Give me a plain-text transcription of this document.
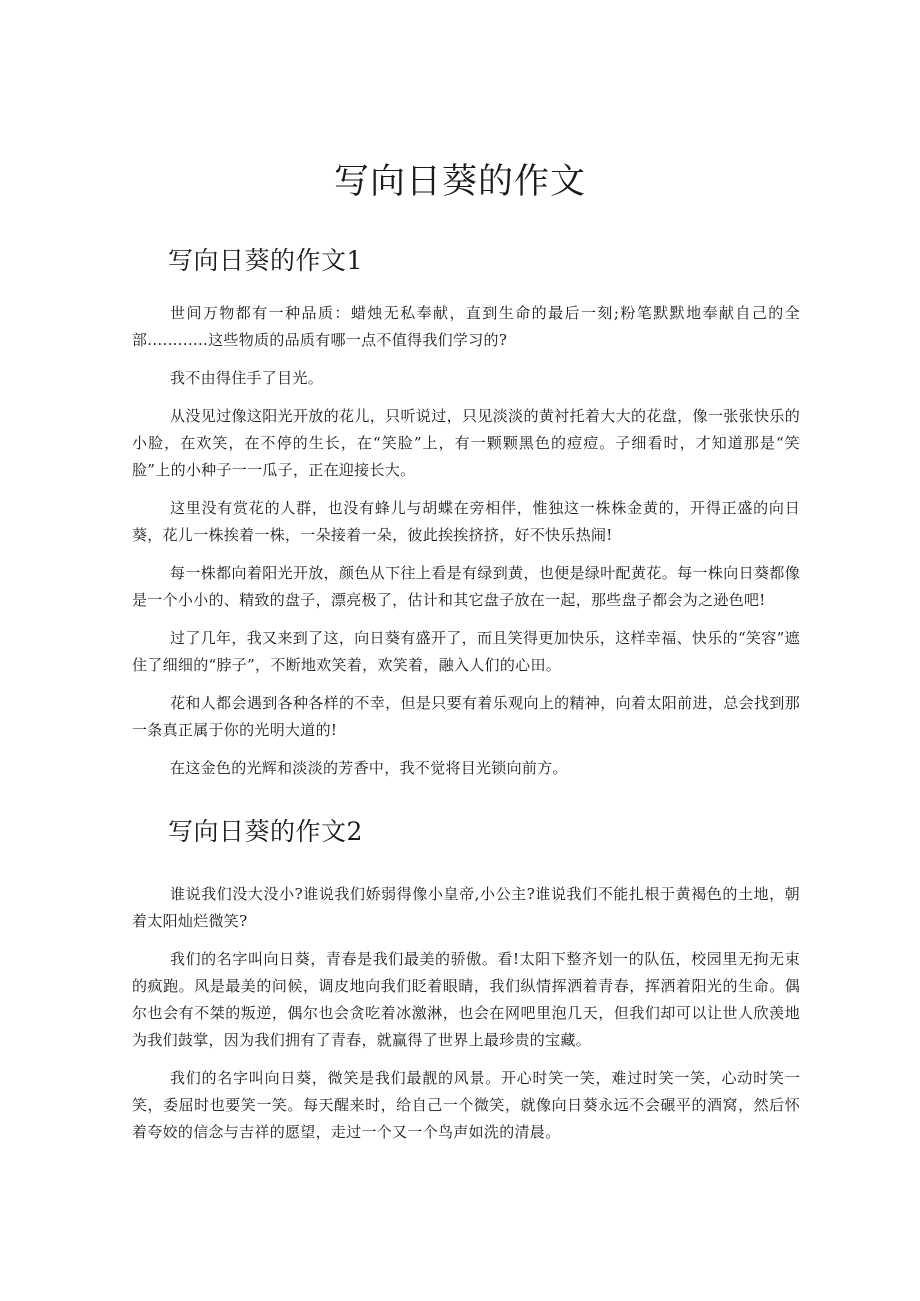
写向日葵的作文
写向日葵的作文1

世间万物都有一种品质：蜡烛无私奉献，直到生命的最后一刻;粉笔默默地奉献自己的全部............这些物质的品质有哪一点不值得我们学习的?

我不由得住手了目光。

从没见过像这阳光开放的花儿，只听说过，只见淡淡的黄衬托着大大的花盘，像一张张快乐的小脸，在欢笑，在不停的生长，在“笑脸”上，有一颗颗黑色的痘痘。子细看时，才知道那是“笑脸”上的小种子一一瓜子，正在迎接长大。

这里没有赏花的人群，也没有蜂儿与胡蝶在旁相伴，惟独这一株株金黄的，开得正盛的向日葵，花儿一株挨着一株，一朵接着一朵，彼此挨挨挤挤，好不快乐热闹!

每一株都向着阳光开放，颜色从下往上看是有绿到黄，也便是绿叶配黄花。每一株向日葵都像是一个小小的、精致的盘子，漂亮极了，估计和其它盘子放在一起，那些盘子都会为之逊色吧!

过了几年，我又来到了这，向日葵有盛开了，而且笑得更加快乐，这样幸福、快乐的“笑容”遮住了细细的“脖子”，不断地欢笑着，欢笑着，融入人们的心田。

花和人都会遇到各种各样的不幸，但是只要有着乐观向上的精神，向着太阳前进，总会找到那一条真正属于你的光明大道的!

在这金色的光辉和淡淡的芳香中，我不觉将目光锁向前方。

写向日葵的作文2

谁说我们没大没小?谁说我们娇弱得像小皇帝,小公主?谁说我们不能扎根于黄褐色的土地，朝着太阳灿烂微笑?

我们的名字叫向日葵，青春是我们最美的骄傲。看!太阳下整齐划一的队伍，校园里无拘无束的疯跑。风是最美的问候，调皮地向我们眨着眼睛，我们纵情挥洒着青春，挥洒着阳光的生命。偶尔也会有不桀的叛逆，偶尔也会贪吃着冰激淋，也会在网吧里泡几天，但我们却可以让世人欣羡地为我们鼓掌，因为我们拥有了青春，就赢得了世界上最珍贵的宝藏。

我们的名字叫向日葵，微笑是我们最靓的风景。开心时笑一笑，难过时笑一笑，心动时笑一笑，委屈时也要笑一笑。每天醒来时，给自己一个微笑，就像向日葵永远不会碾平的酒窝，然后怀着夸姣的信念与吉祥的愿望，走过一个又一个鸟声如洗的清晨。
